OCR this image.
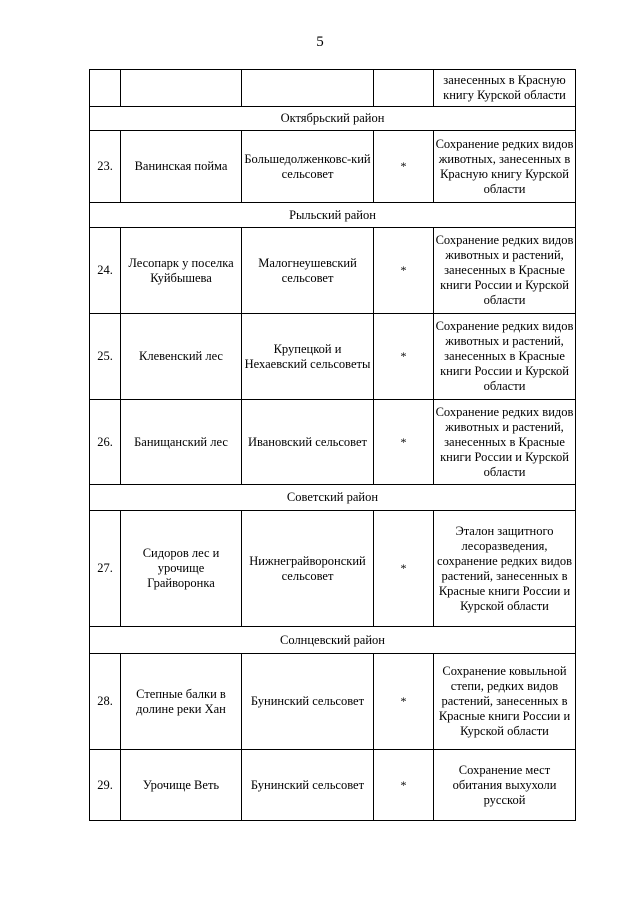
5
				занесенных в Красную книгу Курской области
Октябрьский район				
23.	Ванинская пойма	Большедолженковс-кий сельсовет	*	Сохранение редких видов животных, занесенных в Красную книгу Курской области
Рыльский район				
24.	Лесопарк у поселка Куйбышева	Малогнеушевский сельсовет	*	Сохранение редких видов животных и растений, занесенных в Красные книги России и Курской области
25.	Клевенский лес	Крупецкой и Нехаевский сельсоветы	*	Сохранение редких видов животных и растений, занесенных в Красные книги России и Курской области
26.	Банищанский лес	Ивановский сельсовет	*	Сохранение редких видов животных и растений, занесенных в Красные книги России и Курской области
Советский район				
27.	Сидоров лес и урочище Грайворонка	Нижнеграйворонский сельсовет	*	Эталон защитного лесоразведения, сохранение редких видов растений, занесенных в Красные книги России и Курской области
Солнцевский район				
28.	Степные балки в долине реки Хан	Бунинский сельсовет	*	Сохранение ковыльной степи, редких видов растений, занесенных в Красные книги России и Курской области
29.	Урочище Веть	Бунинский сельсовет	*	Сохранение мест обитания выхухоли русской
